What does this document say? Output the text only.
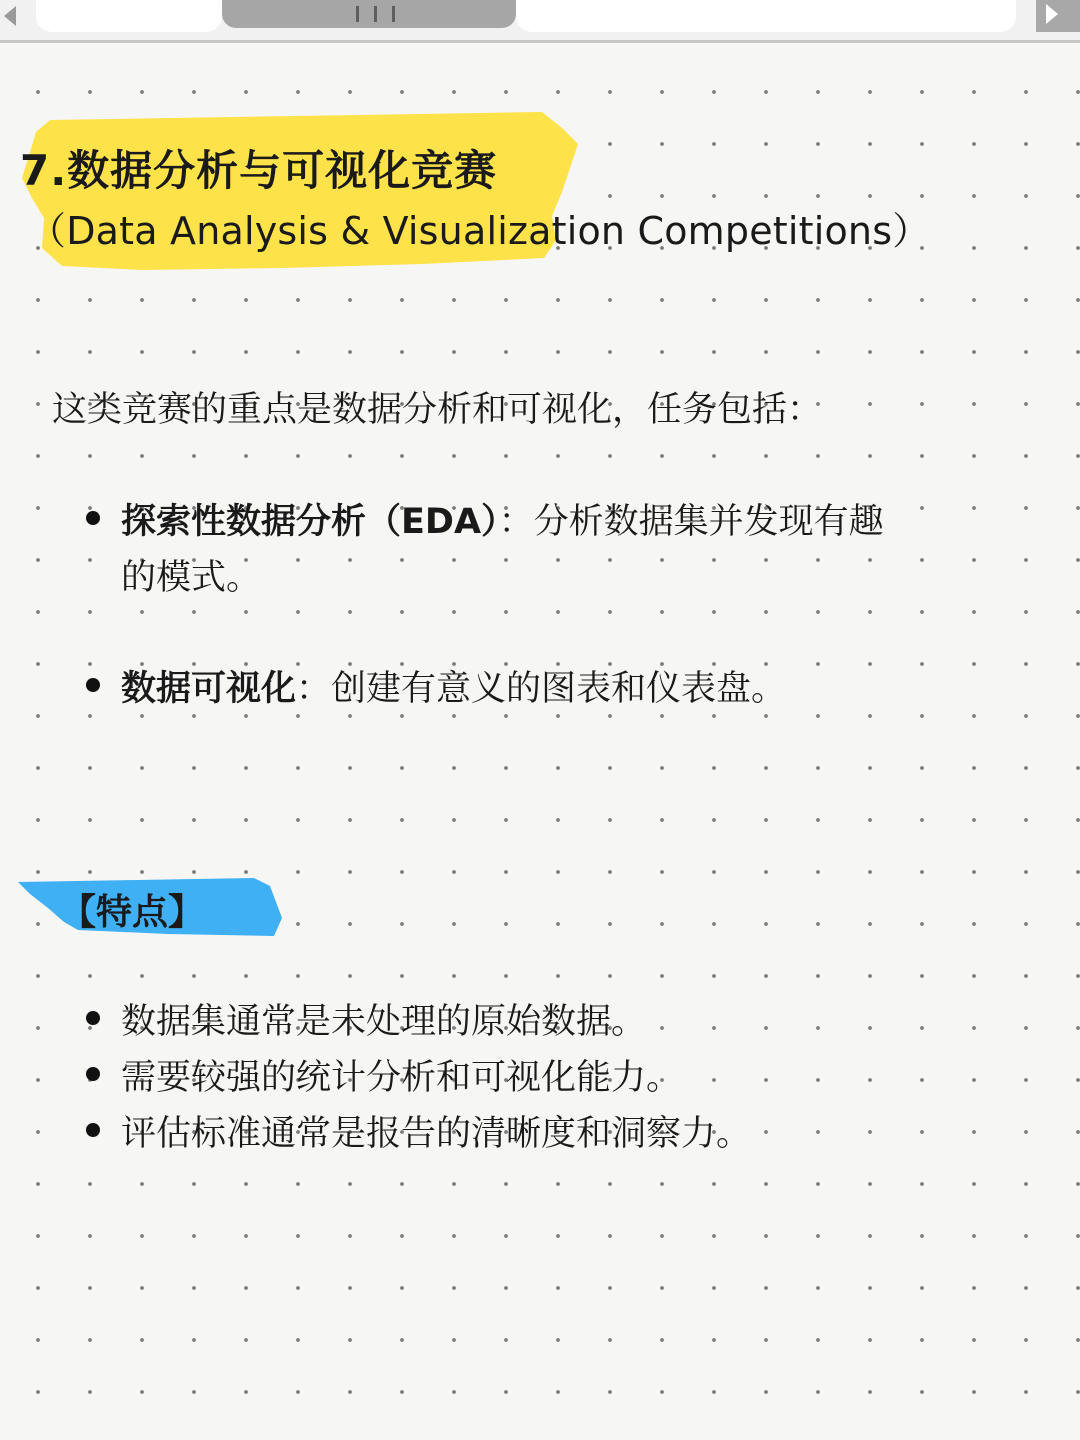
7.数据分析与可视化竞赛
（Data Analysis & Visualization Competitions）
这类竞赛的重点是数据分析和可视化，任务包括：
探索性数据分析（EDA）：分析数据集并发现有趣
的模式。
数据可视化：创建有意义的图表和仪表盘。
【特点】
数据集通常是未处理的原始数据。
需要较强的统计分析和可视化能力。
评估标准通常是报告的清晰度和洞察力。
